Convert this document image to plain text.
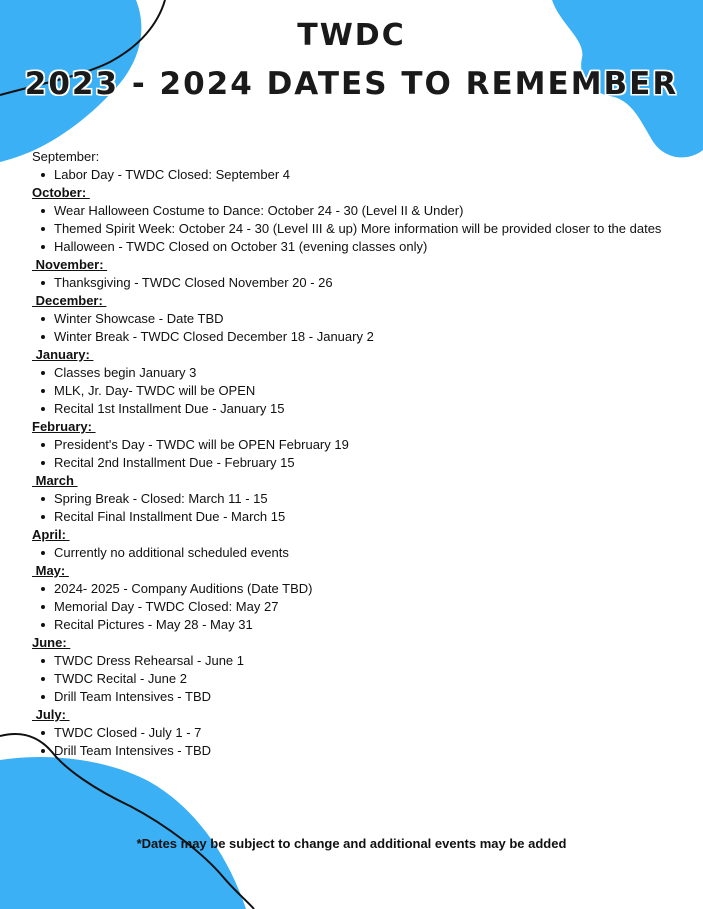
TWDC
2023 - 2024 DATES TO REMEMBER
September:
Labor Day - TWDC Closed: September 4
October:
Wear Halloween Costume to Dance: October 24 - 30 (Level II & Under)
Themed Spirit Week: October 24 - 30 (Level III & up) More information will be provided closer to the dates
Halloween - TWDC Closed on October 31 (evening classes only)
November:
Thanksgiving - TWDC Closed November 20 - 26
December:
Winter Showcase - Date TBD
Winter Break - TWDC Closed December 18 - January 2
January:
Classes begin January 3
MLK, Jr. Day- TWDC will be OPEN
Recital 1st Installment Due - January 15
February:
President's Day - TWDC will be OPEN February 19
Recital 2nd Installment Due - February 15
March
Spring Break - Closed: March 11 - 15
Recital Final Installment Due - March 15
April:
Currently no additional scheduled events
May:
2024- 2025 - Company Auditions (Date TBD)
Memorial Day - TWDC Closed: May 27
Recital Pictures - May 28 - May 31
June:
TWDC Dress Rehearsal - June 1
TWDC Recital - June 2
Drill Team Intensives - TBD
July:
TWDC Closed - July 1 - 7
Drill Team Intensives - TBD
*Dates may be subject to change and additional events may be added
